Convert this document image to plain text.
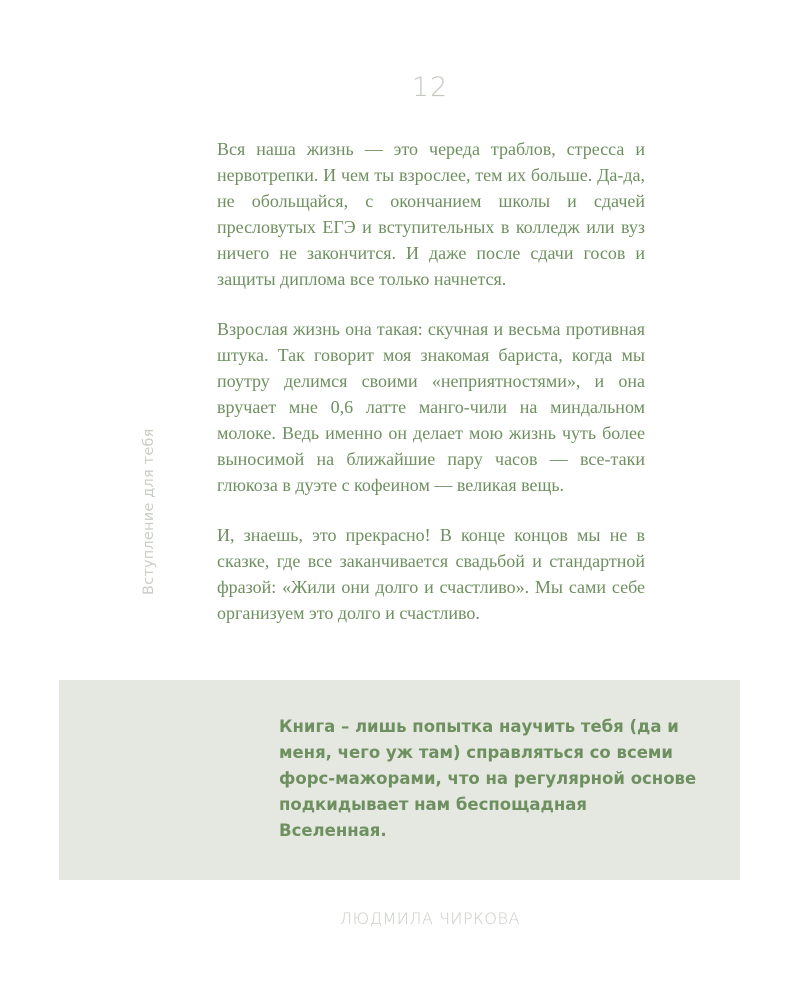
12
Вступление для тебя

Вся наша жизнь — это череда траблов, стресса и нервотрепки. И чем ты взрослее, тем их больше. Да-да, не обольщайся, с окончанием школы и сдачей пресловутых ЕГЭ и вступительных в колледж или вуз ничего не закончится. И даже после сдачи госов и защиты диплома все только начнется.

Взрослая жизнь она такая: скучная и весьма противная штука. Так говорит моя знакомая бариста, когда мы поутру делимся своими «неприятностями», и она вручает мне 0,6 латте манго-чили на миндальном молоке. Ведь именно он делает мою жизнь чуть более выносимой на ближайшие пару часов — все-таки глюкоза в дуэте с кофеином — великая вещь.

И, знаешь, это прекрасно! В конце концов мы не в сказке, где все заканчивается свадьбой и стандартной фразой: «Жили они долго и счастливо». Мы сами себе организуем это долго и счастливо.

Книга – лишь попытка научить тебя (да и меня, чего уж там) справляться со всеми форс-мажорами, что на регулярной основе подкидывает нам беспощадная Вселенная.
ЛЮДМИЛА ЧИРКОВА
